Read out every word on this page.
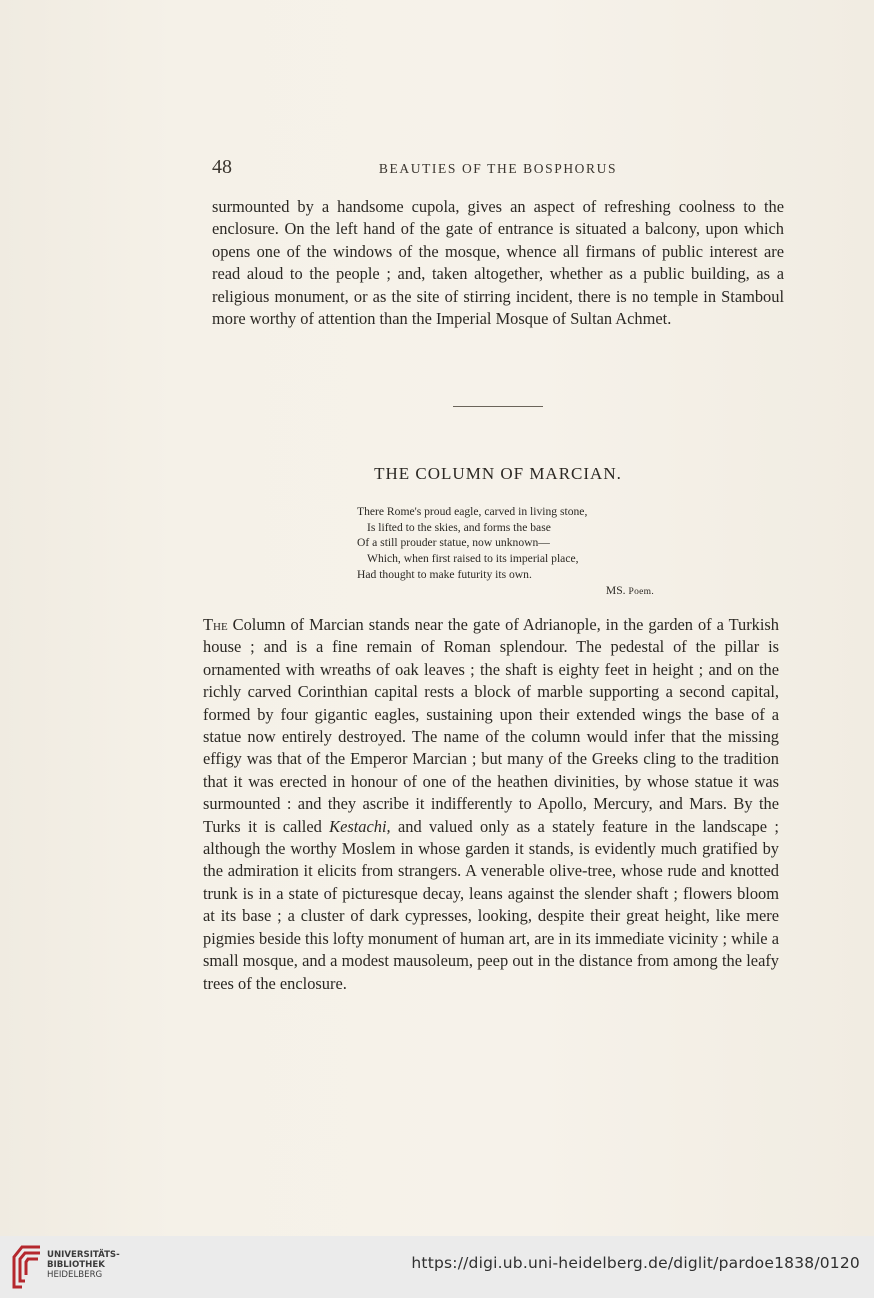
48	BEAUTIES OF THE BOSPHORUS

surmounted by a handsome cupola, gives an aspect of refreshing coolness to the enclosure. On the left hand of the gate of entrance is situated a balcony, upon which opens one of the windows of the mosque, whence all firmans of public interest are read aloud to the people ; and, taken altogether, whether as a public building, as a religious monument, or as the site of stirring incident, there is no temple in Stamboul more worthy of attention than the Imperial Mosque of Sultan Achmet.

THE COLUMN OF MARCIAN.
There Rome's proud eagle, carved in living stone,
Is lifted to the skies, and forms the base
Of a still prouder statue, now unknown—
Which, when first raised to its imperial place,
Had thought to make futurity its own.
MS. Poem.

The Column of Marcian stands near the gate of Adrianople, in the garden of a Turkish house ; and is a fine remain of Roman splendour. The pedestal of the pillar is ornamented with wreaths of oak leaves ; the shaft is eighty feet in height ; and on the richly carved Corinthian capital rests a block of marble supporting a second capital, formed by four gigantic eagles, sustaining upon their extended wings the base of a statue now entirely destroyed. The name of the column would infer that the missing effigy was that of the Emperor Marcian ; but many of the Greeks cling to the tradition that it was erected in honour of one of the heathen divinities, by whose statue it was surmounted : and they ascribe it indifferently to Apollo, Mercury, and Mars. By the Turks it is called Kestachi, and valued only as a stately feature in the landscape ; although the worthy Moslem in whose garden it stands, is evidently much gratified by the admiration it elicits from strangers. A venerable olive-tree, whose rude and knotted trunk is in a state of picturesque decay, leans against the slender shaft ; flowers bloom at its base ; a cluster of dark cypresses, looking, despite their great height, like mere pigmies beside this lofty monument of human art, are in its immediate vicinity ; while a small mosque, and a modest mausoleum, peep out in the distance from among the leafy trees of the enclosure.

UNIVERSITÄTS-
BIBLIOTHEK
HEIDELBERG
https://digi.ub.uni-heidelberg.de/diglit/pardoe1838/0120
